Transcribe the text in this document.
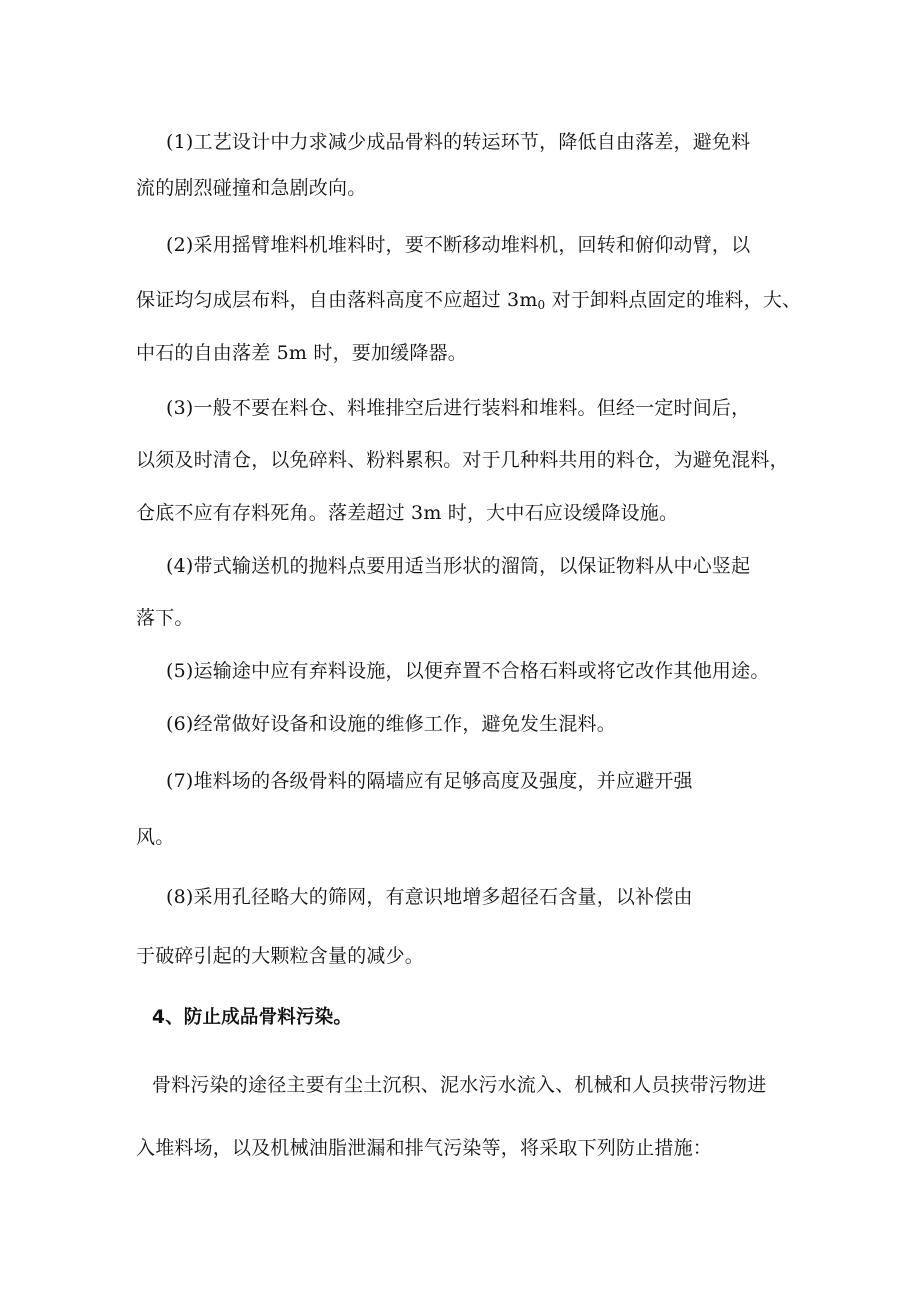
(1)工艺设计中力求减少成品骨料的转运环节，降低自由落差，避免料
流的剧烈碰撞和急剧改向。
(2)采用摇臂堆料机堆料时，要不断移动堆料机，回转和俯仰动臂，以
保证均匀成层布料，自由落料高度不应超过 $3m_0$ 对于卸料点固定的堆料，大、
中石的自由落差 5m 时，要加缓降器。
(3)一般不要在料仓、料堆排空后进行装料和堆料。但经一定时间后，
以须及时清仓，以免碎料、粉料累积。对于几种料共用的料仓，为避免混料，
仓底不应有存料死角。落差超过 3m 时，大中石应设缓降设施。
(4)带式输送机的抛料点要用适当形状的溜筒，以保证物料从中心竖起
落下。
(5)运输途中应有弃料设施，以便弃置不合格石料或将它改作其他用途。
(6)经常做好设备和设施的维修工作，避免发生混料。
(7)堆料场的各级骨料的隔墙应有足够高度及强度，并应避开强
风。
(8)采用孔径略大的筛网，有意识地增多超径石含量，以补偿由
于破碎引起的大颗粒含量的减少。
4、防止成品骨料污染。
骨料污染的途径主要有尘土沉积、泥水污水流入、机械和人员挟带污物进
入堆料场，以及机械油脂泄漏和排气污染等，将采取下列防止措施：
